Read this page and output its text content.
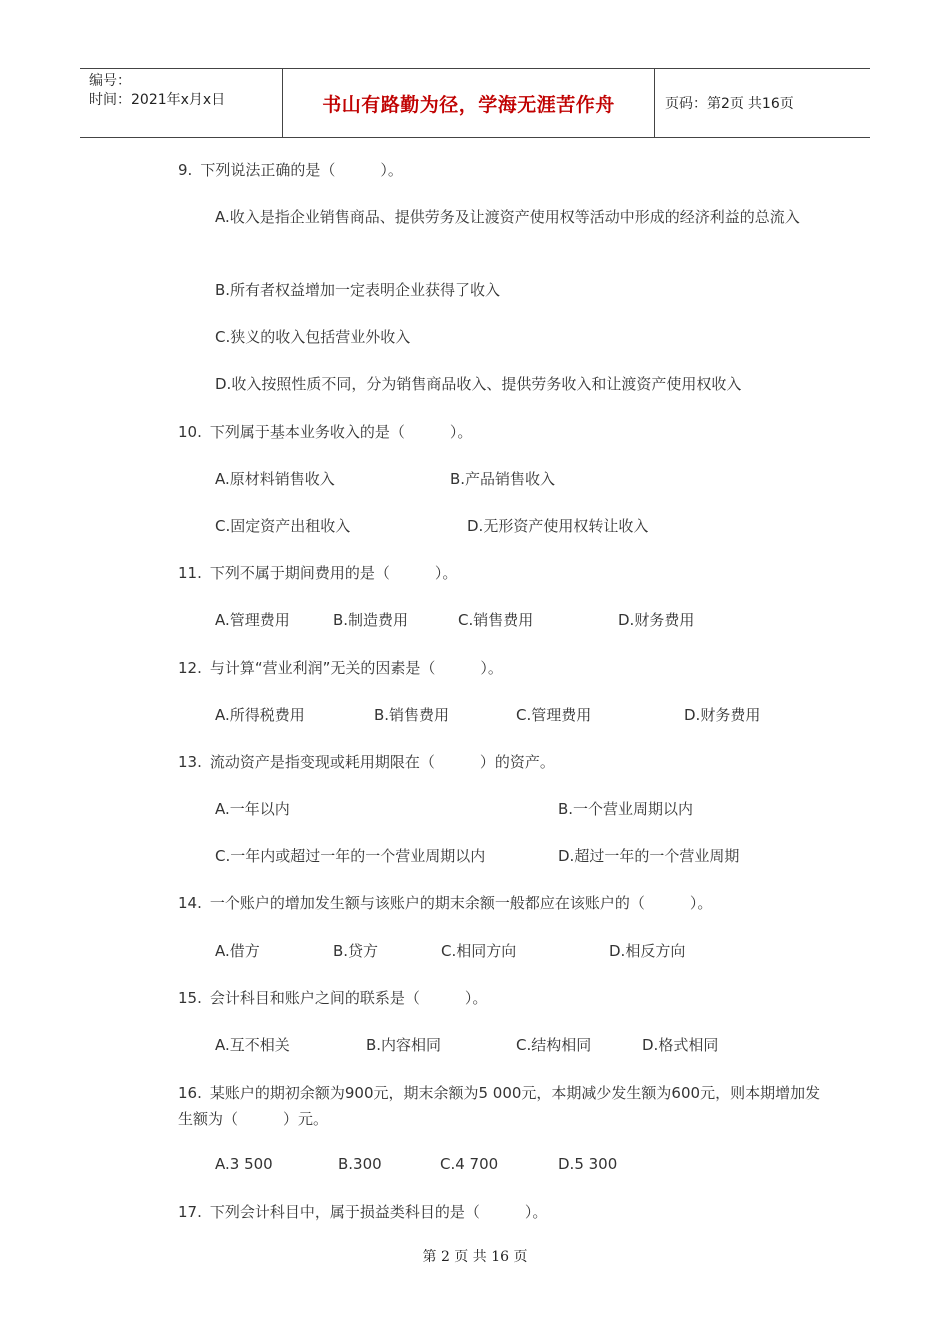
编号：
时间：2021年x月x日	书山有路勤为径，学海无涯苦作舟	页码：第2页 共16页
9. 下列说法正确的是（　　　）。
A.收入是指企业销售商品、提供劳务及让渡资产使用权等活动中形成的经济利益的总流入
B.所有者权益增加一定表明企业获得了收入
C.狭义的收入包括营业外收入
D.收入按照性质不同，分为销售商品收入、提供劳务收入和让渡资产使用权收入
10. 下列属于基本业务收入的是（　　　）。
A.原材料销售收入	B.产品销售收入
C.固定资产出租收入	D.无形资产使用权转让收入
11. 下列不属于期间费用的是（　　　）。
A.管理费用	B.制造费用	C.销售费用	D.财务费用
12. 与计算“营业利润”无关的因素是（　　　）。
A.所得税费用	B.销售费用	C.管理费用	D.财务费用
13. 流动资产是指变现或耗用期限在（　　　）的资产。
A.一年以内	B.一个营业周期以内
C.一年内或超过一年的一个营业周期以内	D.超过一年的一个营业周期
14. 一个账户的增加发生额与该账户的期末余额一般都应在该账户的（　　　）。
A.借方	B.贷方	C.相同方向	D.相反方向
15. 会计科目和账户之间的联系是（　　　）。
A.互不相关	B.内容相同	C.结构相同	D.格式相同
16. 某账户的期初余额为900元，期末余额为5 000元，本期减少发生额为600元，则本期增加发生额为（　　　）元。
A.3 500	B.300	C.4 700	D.5 300
17. 下列会计科目中，属于损益类科目的是（　　　）。
第 2 页 共 16 页
